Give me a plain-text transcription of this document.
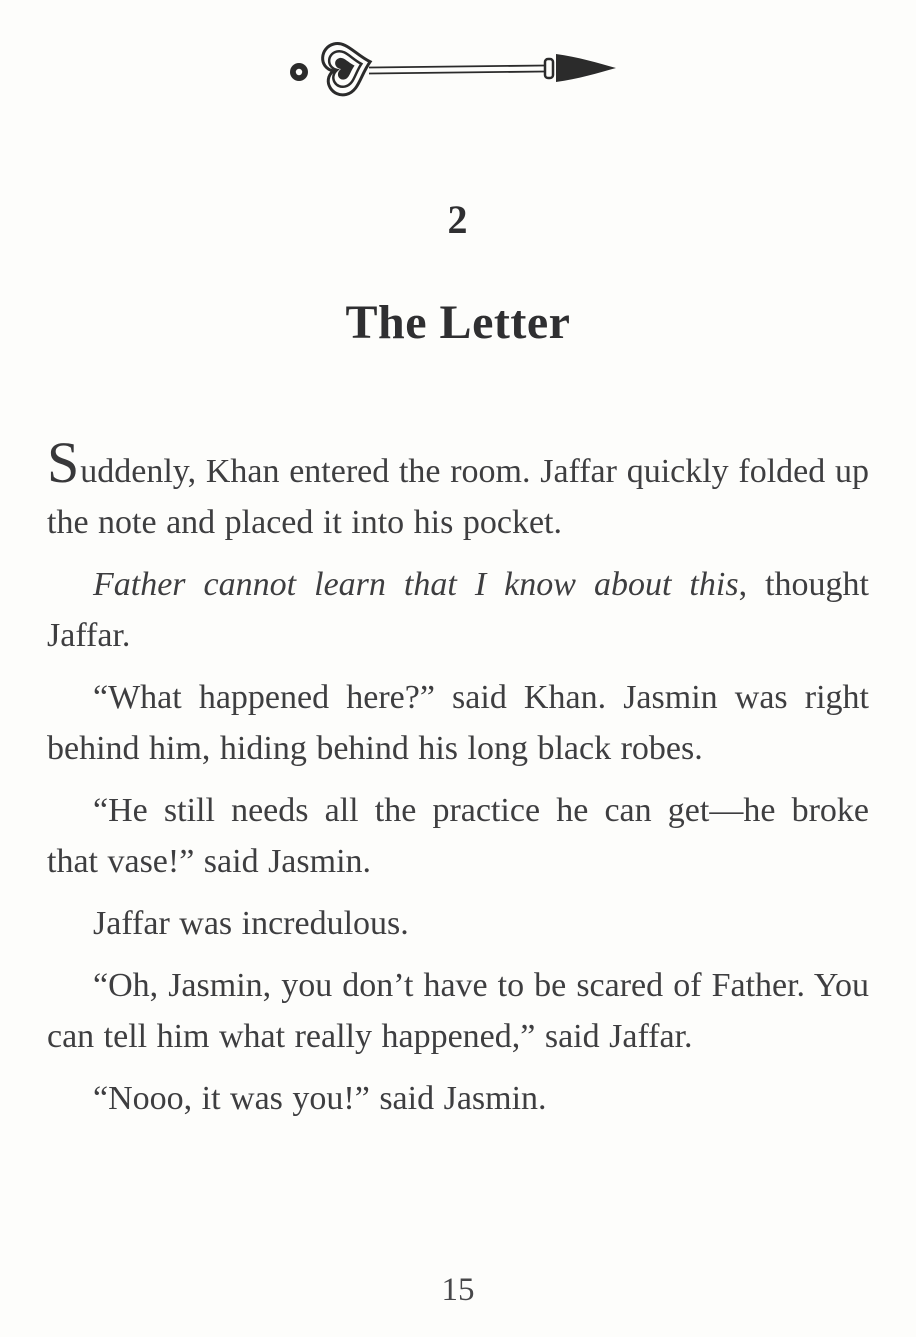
2
The Letter

Suddenly, Khan entered the room. Jaffar quickly folded up the note and placed it into his pocket.

Father cannot learn that I know about this, thought Jaffar.

“What happened here?” said Khan. Jasmin was right behind him, hiding behind his long black robes.

“He still needs all the practice he can get—he broke that vase!” said Jasmin.

Jaffar was incredulous.

“Oh, Jasmin, you don’t have to be scared of Father. You can tell him what really happened,” said Jaffar.

“Nooo, it was you!” said Jasmin.

15
